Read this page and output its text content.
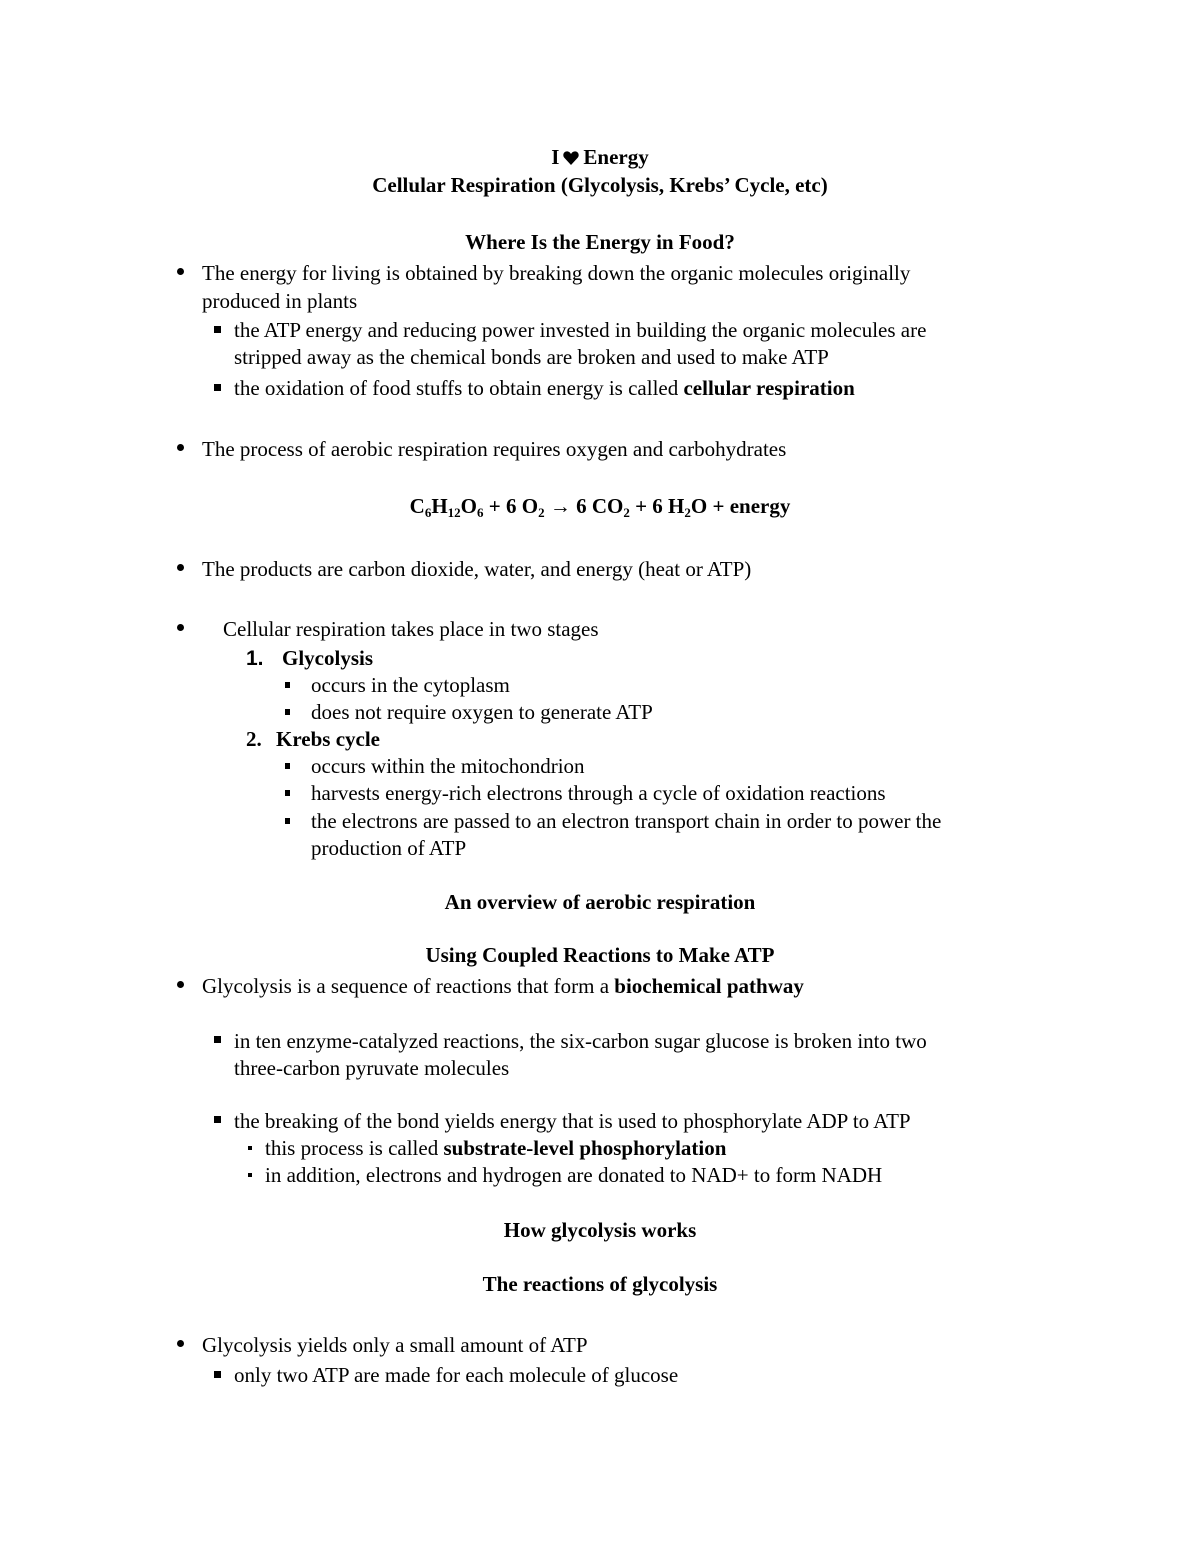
I Energy
Cellular Respiration (Glycolysis, Krebs’ Cycle, etc)
Where Is the Energy in Food?
The energy for living is obtained by breaking down the organic molecules originally
produced in plants
the ATP energy and reducing power invested in building the organic molecules are
stripped away as the chemical bonds are broken and used to make ATP
the oxidation of food stuffs to obtain energy is called cellular respiration
The process of aerobic respiration requires oxygen and carbohydrates
$C_6H_{12}O_6 + 6$ $O_2 \to 6$ $CO_2 + 6$ $H_2O$ + energy
The products are carbon dioxide, water, and energy (heat or ATP)
Cellular respiration takes place in two stages
1. Glycolysis
occurs in the cytoplasm
does not require oxygen to generate ATP
2. Krebs cycle
occurs within the mitochondrion
harvests energy-rich electrons through a cycle of oxidation reactions
the electrons are passed to an electron transport chain in order to power the
production of ATP
An overview of aerobic respiration
Using Coupled Reactions to Make ATP
Glycolysis is a sequence of reactions that form a biochemical pathway
in ten enzyme-catalyzed reactions, the six-carbon sugar glucose is broken into two
three-carbon pyruvate molecules
the breaking of the bond yields energy that is used to phosphorylate ADP to ATP
this process is called substrate-level phosphorylation
in addition, electrons and hydrogen are donated to NAD+ to form NADH
How glycolysis works
The reactions of glycolysis
Glycolysis yields only a small amount of ATP
only two ATP are made for each molecule of glucose
